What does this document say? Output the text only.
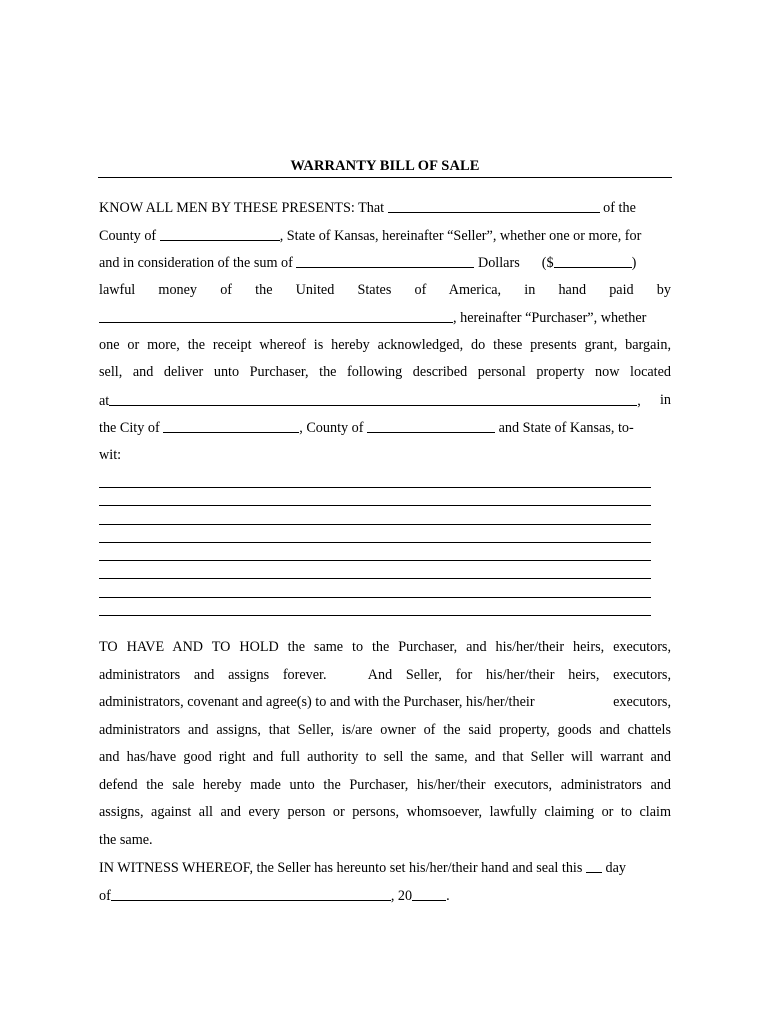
WARRANTY BILL OF SALE
KNOW ALL MEN BY THESE PRESENTS: That	of the
County of	, State of Kansas, hereinafter “Seller”, whether one or more, for
and in consideration of the sum of	Dollars ($	)
lawful money of the United States of America, in hand paid by
, hereinafter “Purchaser”, whether
one or more, the receipt whereof is hereby acknowledged, do these presents grant, bargain,
sell, and deliver unto Purchaser, the following described personal property now located
at	, in
the City of	, County of	and State of Kansas, to-
wit:
TO HAVE AND TO HOLD the same to the Purchaser, and his/her/their heirs, executors,
administrators and assigns forever.	And Seller, for his/her/their heirs, executors,
administrators, covenant and agree(s) to and with the Purchaser, his/her/their	executors,
administrators and assigns, that Seller, is/are owner of the said property, goods and chattels
and has/have good right and full authority to sell the same, and that Seller will warrant and
defend the sale hereby made unto the Purchaser, his/her/their executors, administrators and
assigns, against all and every person or persons, whomsoever, lawfully claiming or to claim
the same.
IN WITNESS WHEREOF, the Seller has hereunto set his/her/their hand and seal this  day
of	, 20 .
